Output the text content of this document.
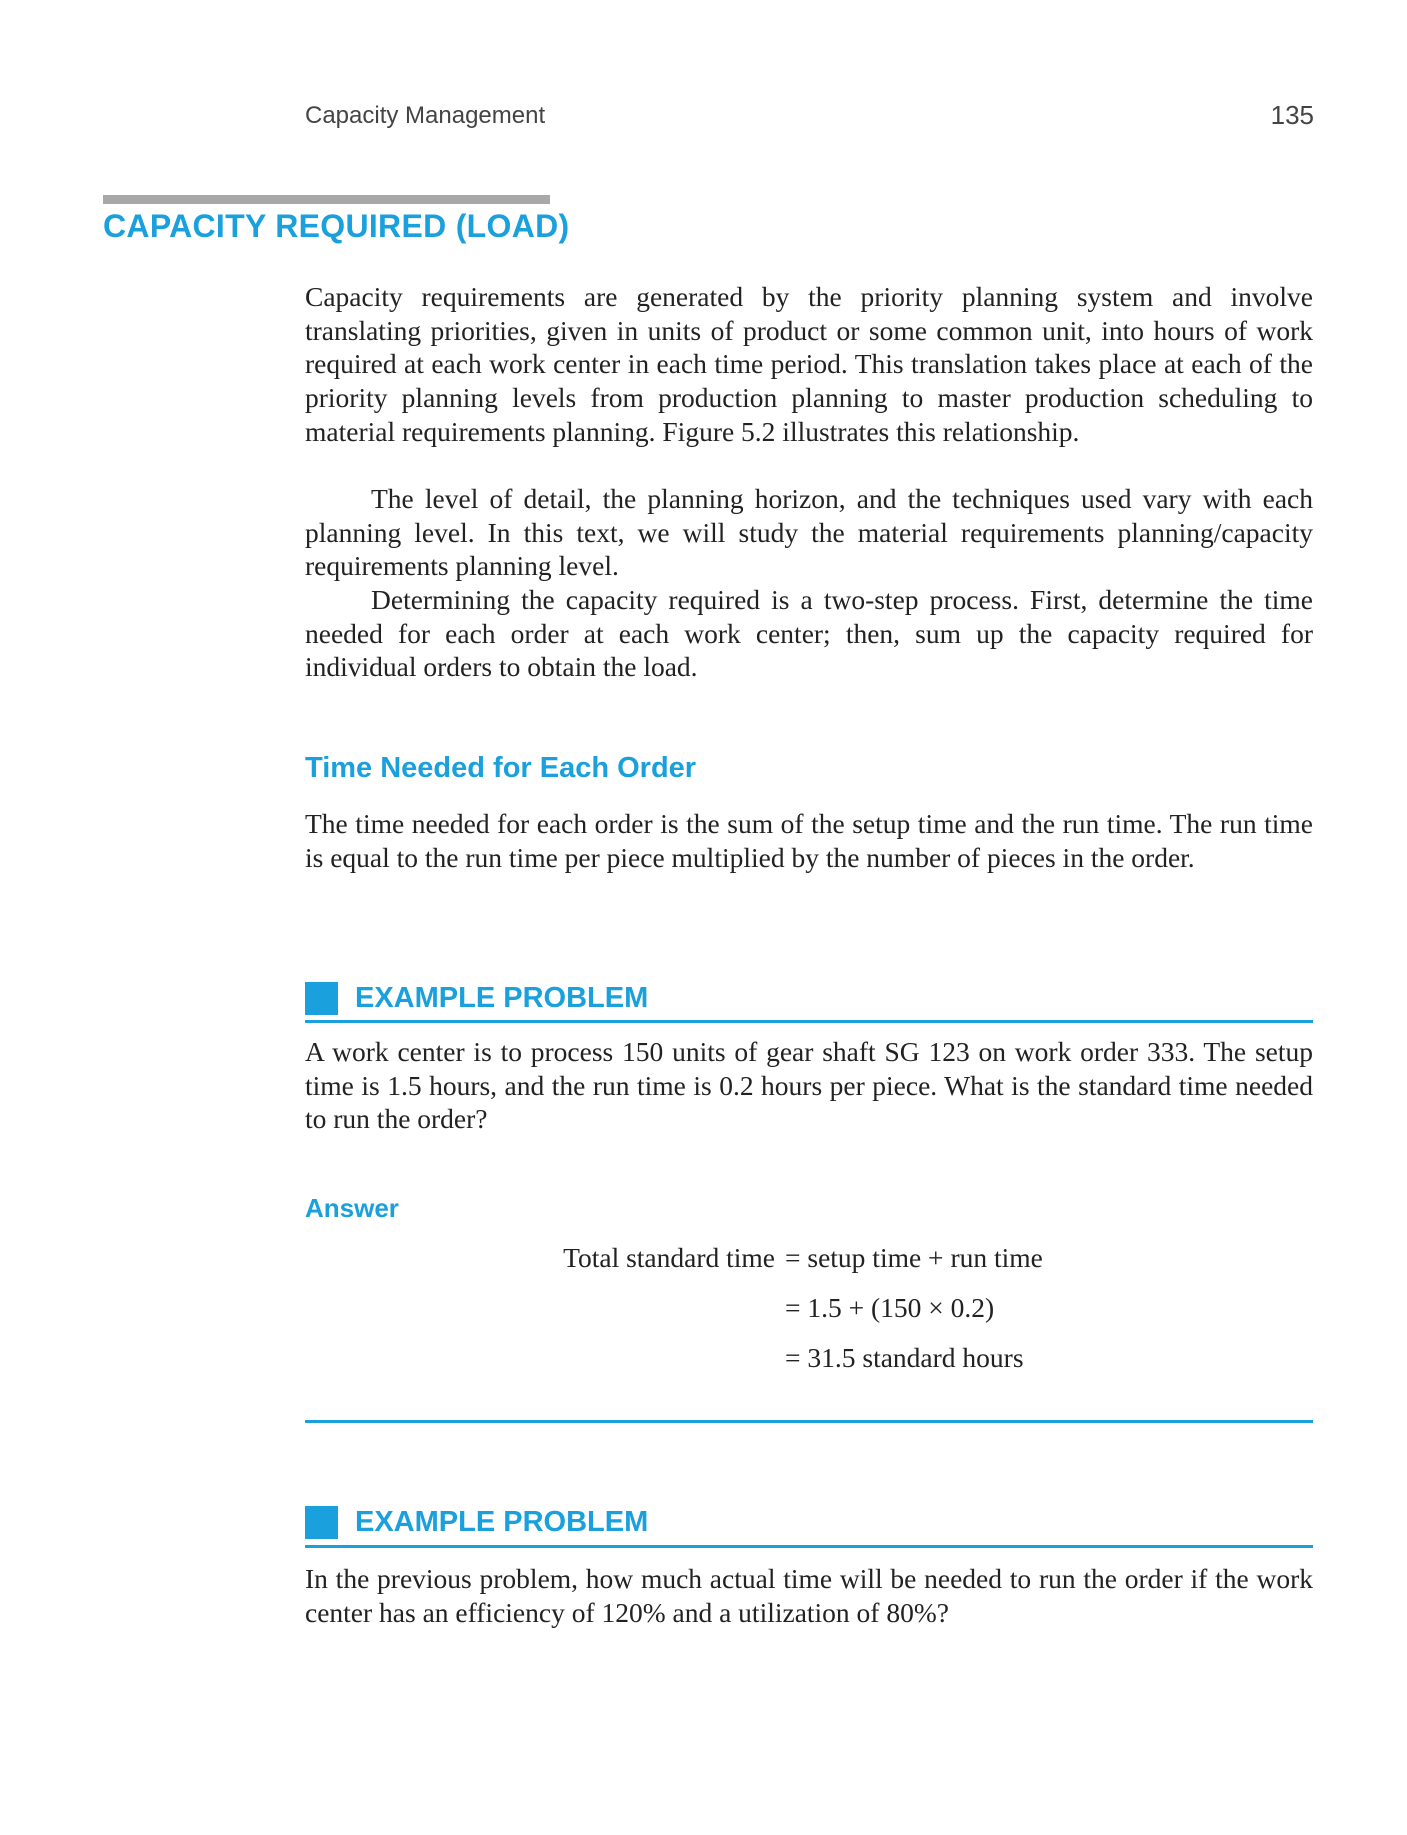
Capacity Management	135
CAPACITY REQUIRED (LOAD)

Capacity requirements are generated by the priority planning system and involve translating priorities, given in units of product or some common unit, into hours of work required at each work center in each time period. This translation takes place at each of the priority planning levels from production planning to master production scheduling to material requirements planning. Figure 5.2 illustrates this relationship.

The level of detail, the planning horizon, and the techniques used vary with each planning level. In this text, we will study the material requirements planning/capacity requirements planning level.

Determining the capacity required is a two-step process. First, determine the time needed for each order at each work center; then, sum up the capacity required for individual orders to obtain the load.

Time Needed for Each Order

The time needed for each order is the sum of the setup time and the run time. The run time is equal to the run time per piece multiplied by the number of pieces in the order.

EXAMPLE PROBLEM

A work center is to process 150 units of gear shaft SG 123 on work order 333. The setup time is 1.5 hours, and the run time is 0.2 hours per piece. What is the standard time needed to run the order?

Answer
Total standard time = setup time + run time
= 1.5 + (150 × 0.2)
= 31.5 standard hours
EXAMPLE PROBLEM

In the previous problem, how much actual time will be needed to run the order if the work center has an efficiency of 120% and a utilization of 80%?
